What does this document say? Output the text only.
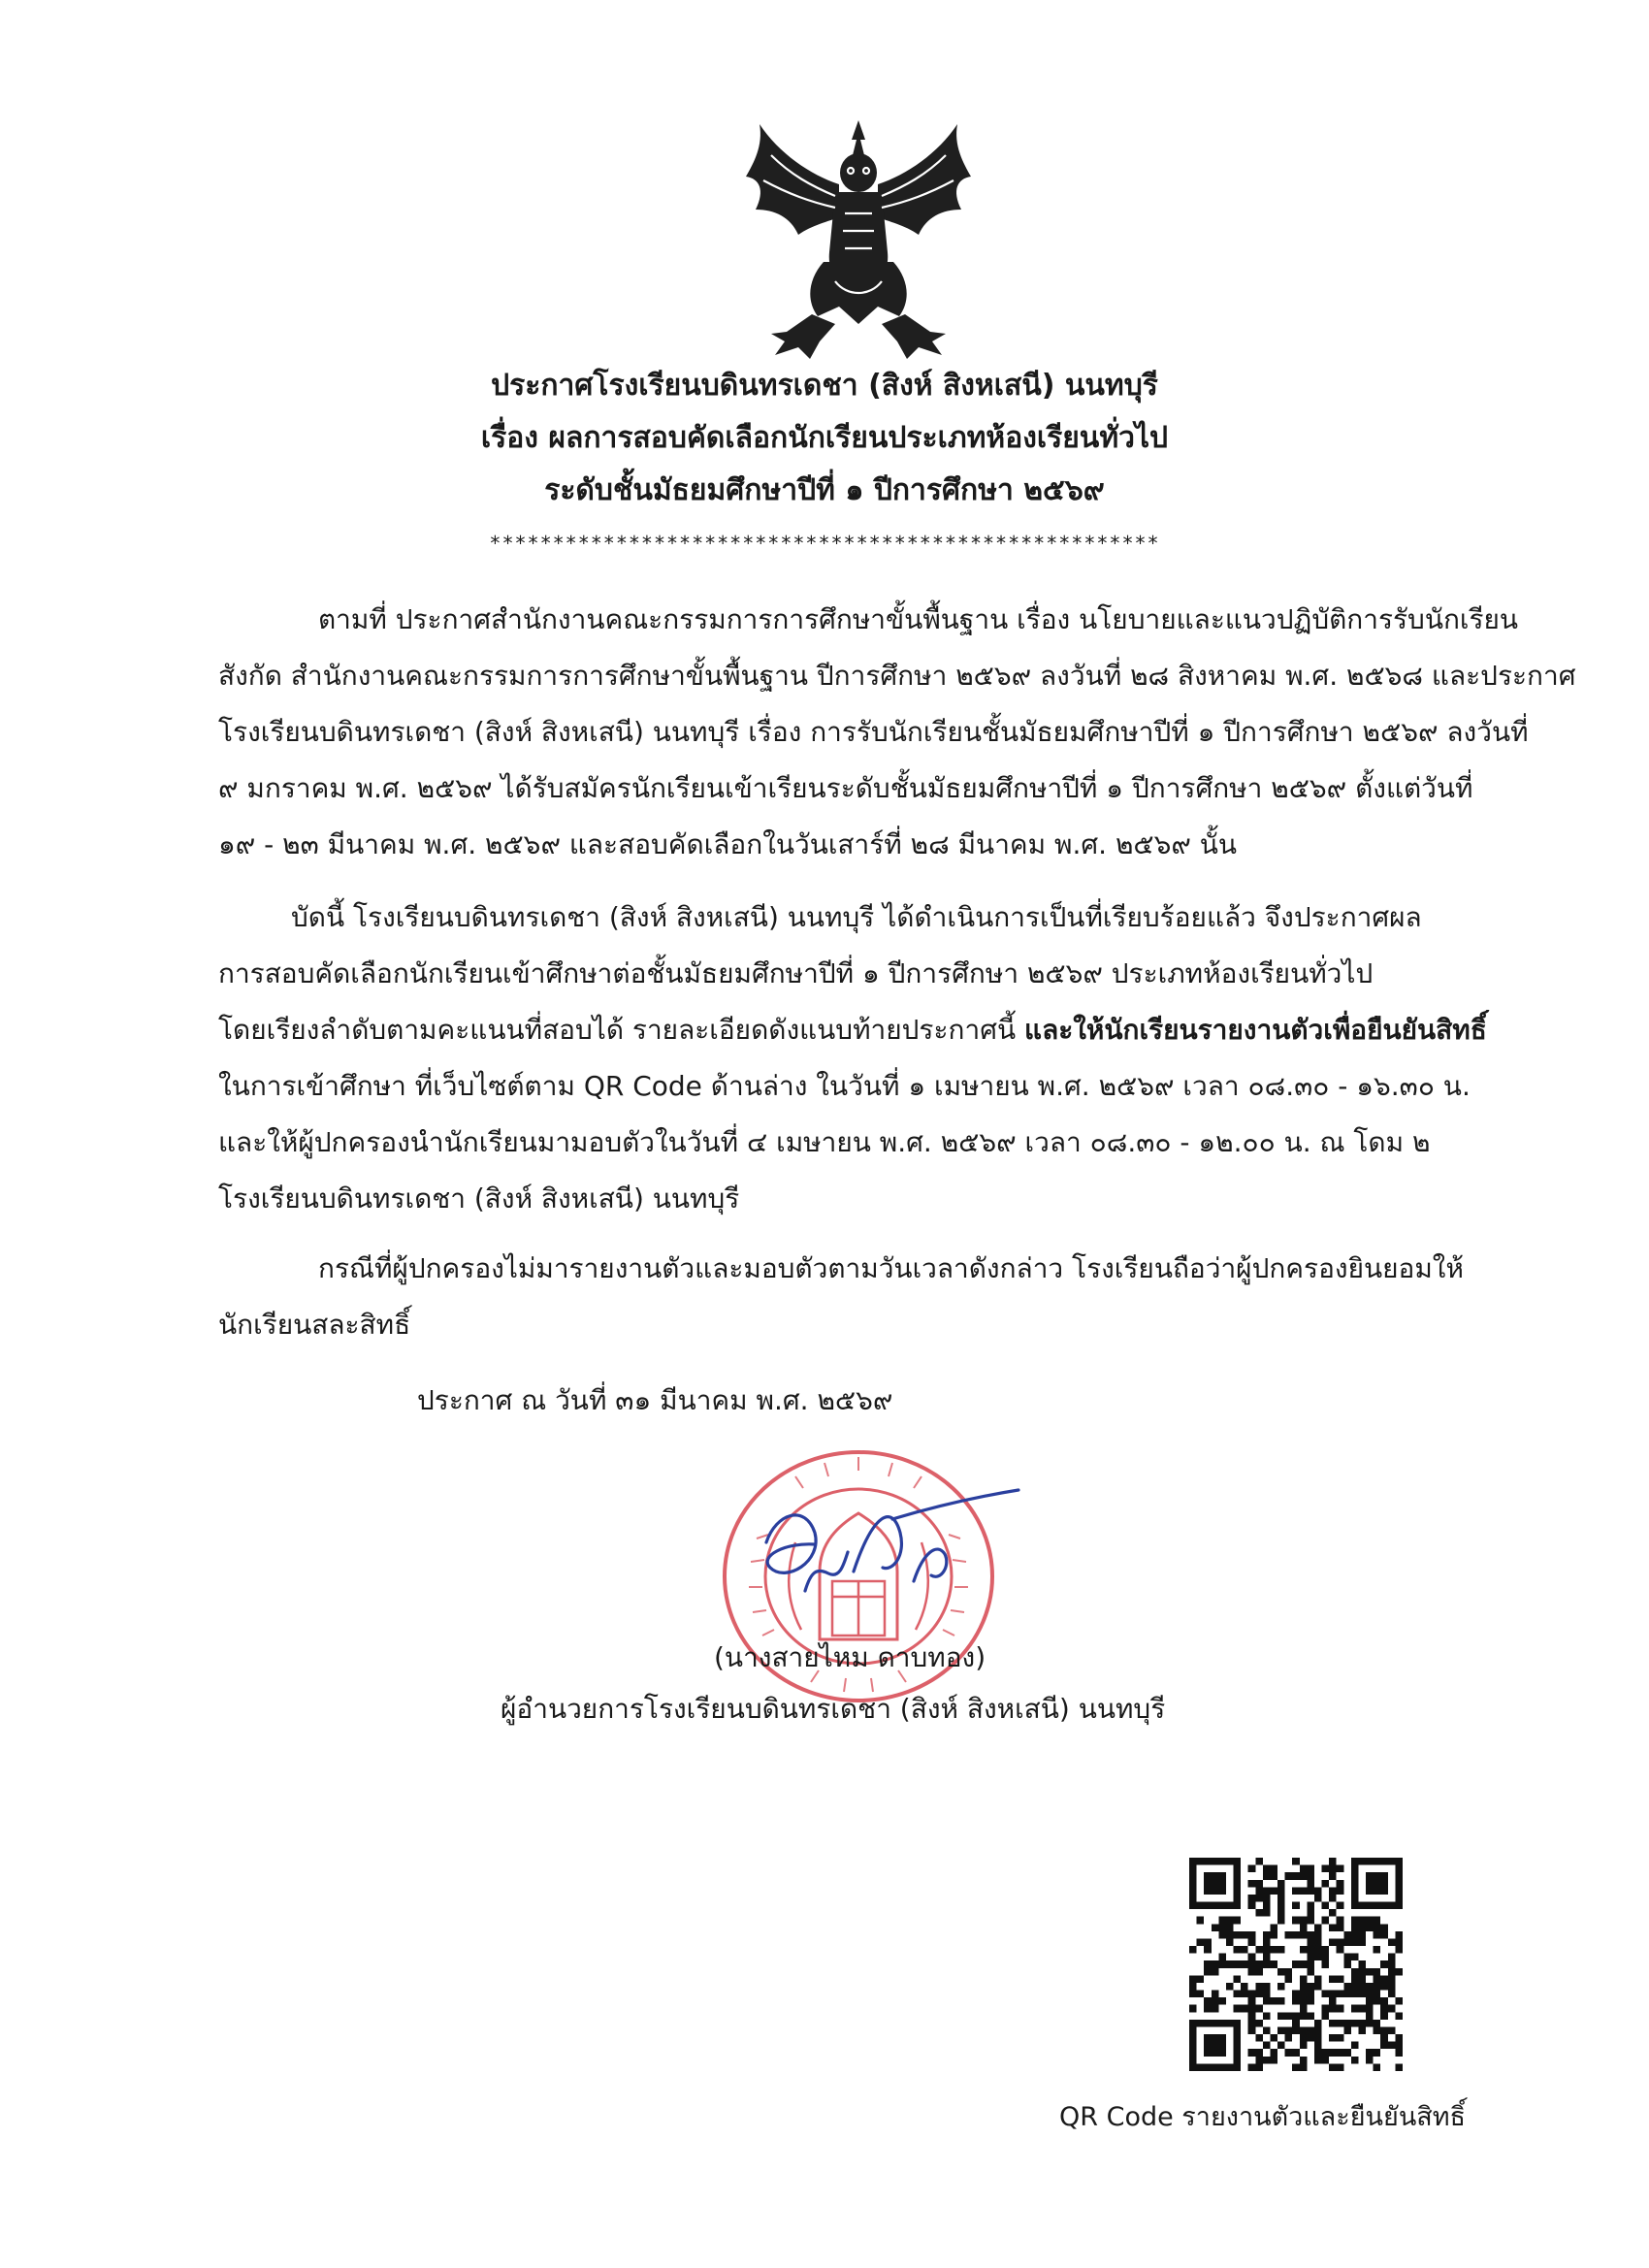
ประกาศโรงเรียนบดินทรเดชา (สิงห์ สิงหเสนี) นนทบุรี

เรื่อง ผลการสอบคัดเลือกนักเรียนประเภทห้องเรียนทั่วไป

ระดับชั้นมัธยมศึกษาปีที่ ๑ ปีการศึกษา ๒๕๖๙

*****************************************************

ตามที่ ประกาศสำนักงานคณะกรรมการการศึกษาขั้นพื้นฐาน เรื่อง นโยบายและแนวปฏิบัติการรับนักเรียน
สังกัด สำนักงานคณะกรรมการการศึกษาขั้นพื้นฐาน ปีการศึกษา ๒๕๖๙ ลงวันที่ ๒๘ สิงหาคม พ.ศ. ๒๕๖๘ และประกาศ
โรงเรียนบดินทรเดชา (สิงห์ สิงหเสนี) นนทบุรี เรื่อง การรับนักเรียนชั้นมัธยมศึกษาปีที่ ๑ ปีการศึกษา ๒๕๖๙ ลงวันที่
๙ มกราคม พ.ศ. ๒๕๖๙ ได้รับสมัครนักเรียนเข้าเรียนระดับชั้นมัธยมศึกษาปีที่ ๑ ปีการศึกษา ๒๕๖๙ ตั้งแต่วันที่
๑๙ - ๒๓ มีนาคม พ.ศ. ๒๕๖๙ และสอบคัดเลือกในวันเสาร์ที่ ๒๘ มีนาคม พ.ศ. ๒๕๖๙ นั้น

บัดนี้ โรงเรียนบดินทรเดชา (สิงห์ สิงหเสนี) นนทบุรี ได้ดำเนินการเป็นที่เรียบร้อยแล้ว จึงประกาศผล
การสอบคัดเลือกนักเรียนเข้าศึกษาต่อชั้นมัธยมศึกษาปีที่ ๑ ปีการศึกษา ๒๕๖๙ ประเภทห้องเรียนทั่วไป
โดยเรียงลำดับตามคะแนนที่สอบได้ รายละเอียดดังแนบท้ายประกาศนี้ และให้นักเรียนรายงานตัวเพื่อยืนยันสิทธิ์
ในการเข้าศึกษา ที่เว็บไซต์ตาม QR Code ด้านล่าง ในวันที่ ๑ เมษายน พ.ศ. ๒๕๖๙ เวลา ๐๘.๓๐ - ๑๖.๓๐ น.
และให้ผู้ปกครองนำนักเรียนมามอบตัวในวันที่ ๔ เมษายน พ.ศ. ๒๕๖๙ เวลา ๐๘.๓๐ - ๑๒.๐๐ น. ณ โดม ๒
โรงเรียนบดินทรเดชา (สิงห์ สิงหเสนี) นนทบุรี

กรณีที่ผู้ปกครองไม่มารายงานตัวและมอบตัวตามวันเวลาดังกล่าว โรงเรียนถือว่าผู้ปกครองยินยอมให้
นักเรียนสละสิทธิ์

ประกาศ ณ วันที่ ๓๑ มีนาคม พ.ศ. ๒๕๖๙
(นางสายไหม ดาบทอง)
ผู้อำนวยการโรงเรียนบดินทรเดชา (สิงห์ สิงหเสนี) นนทบุรี
QR Code รายงานตัวและยืนยันสิทธิ์
